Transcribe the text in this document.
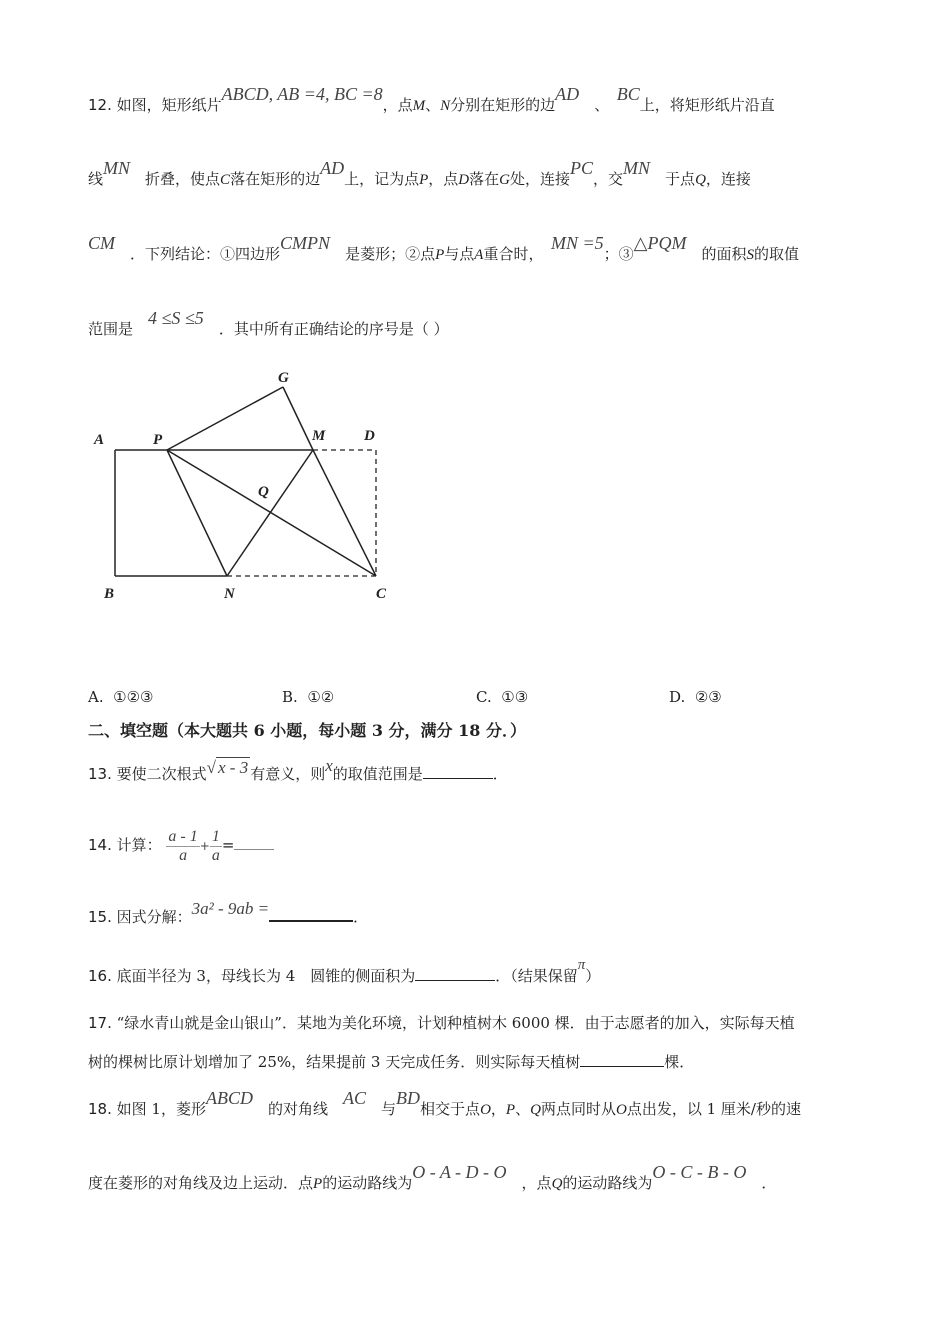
12. 如图，矩形纸片ABCD, AB =4, BC =8，点M、N分别在矩形的边AD　、　BC上，将矩形纸片沿直
线MN　折叠，使点C落在矩形的边AD上，记为点P，点D落在G处，连接PC，交MN　于点Q，连接
CM　．下列结论：①四边形CMPN　是菱形；②点P与点A重合时，　MN =5；③△PQM　的面积S的取值
范围是　4 ≤S ≤5　．其中所有正确结论的序号是（ ）
A	P
G
M	D
Q
B	N	C
A. ①②③	B. ①②	C. ①③	D. ②③
二、填空题（本大题共 6 小题，每小题 3 分，满分 18 分．）
13. 要使二次根式√ x - 3 有意义，则x的取值范围是	．
14. 计算： $\frac{a - 1}{a} + \frac{1}{a}$ =
15. 因式分解：3a² - 9ab =	．
16. 底面半径为 3，母线长为 4　圆锥的侧面积为	．（结果保留π）
17. “绿水青山就是金山银山”．某地为美化环境，计划种植树木 6000 棵．由于志愿者的加入，实际每天植
树的棵树比原计划增加了 25%，结果提前 3 天完成任务．则实际每天植树	棵．
18. 如图 1，菱形ABCD　的对角线　AC　与BD相交于点O，P、Q两点同时从O点出发，以 1 厘米/秒的速
度在菱形的对角线及边上运动．点P的运动路线为O - A - D - O　，点Q的运动路线为O - C - B - O　．
